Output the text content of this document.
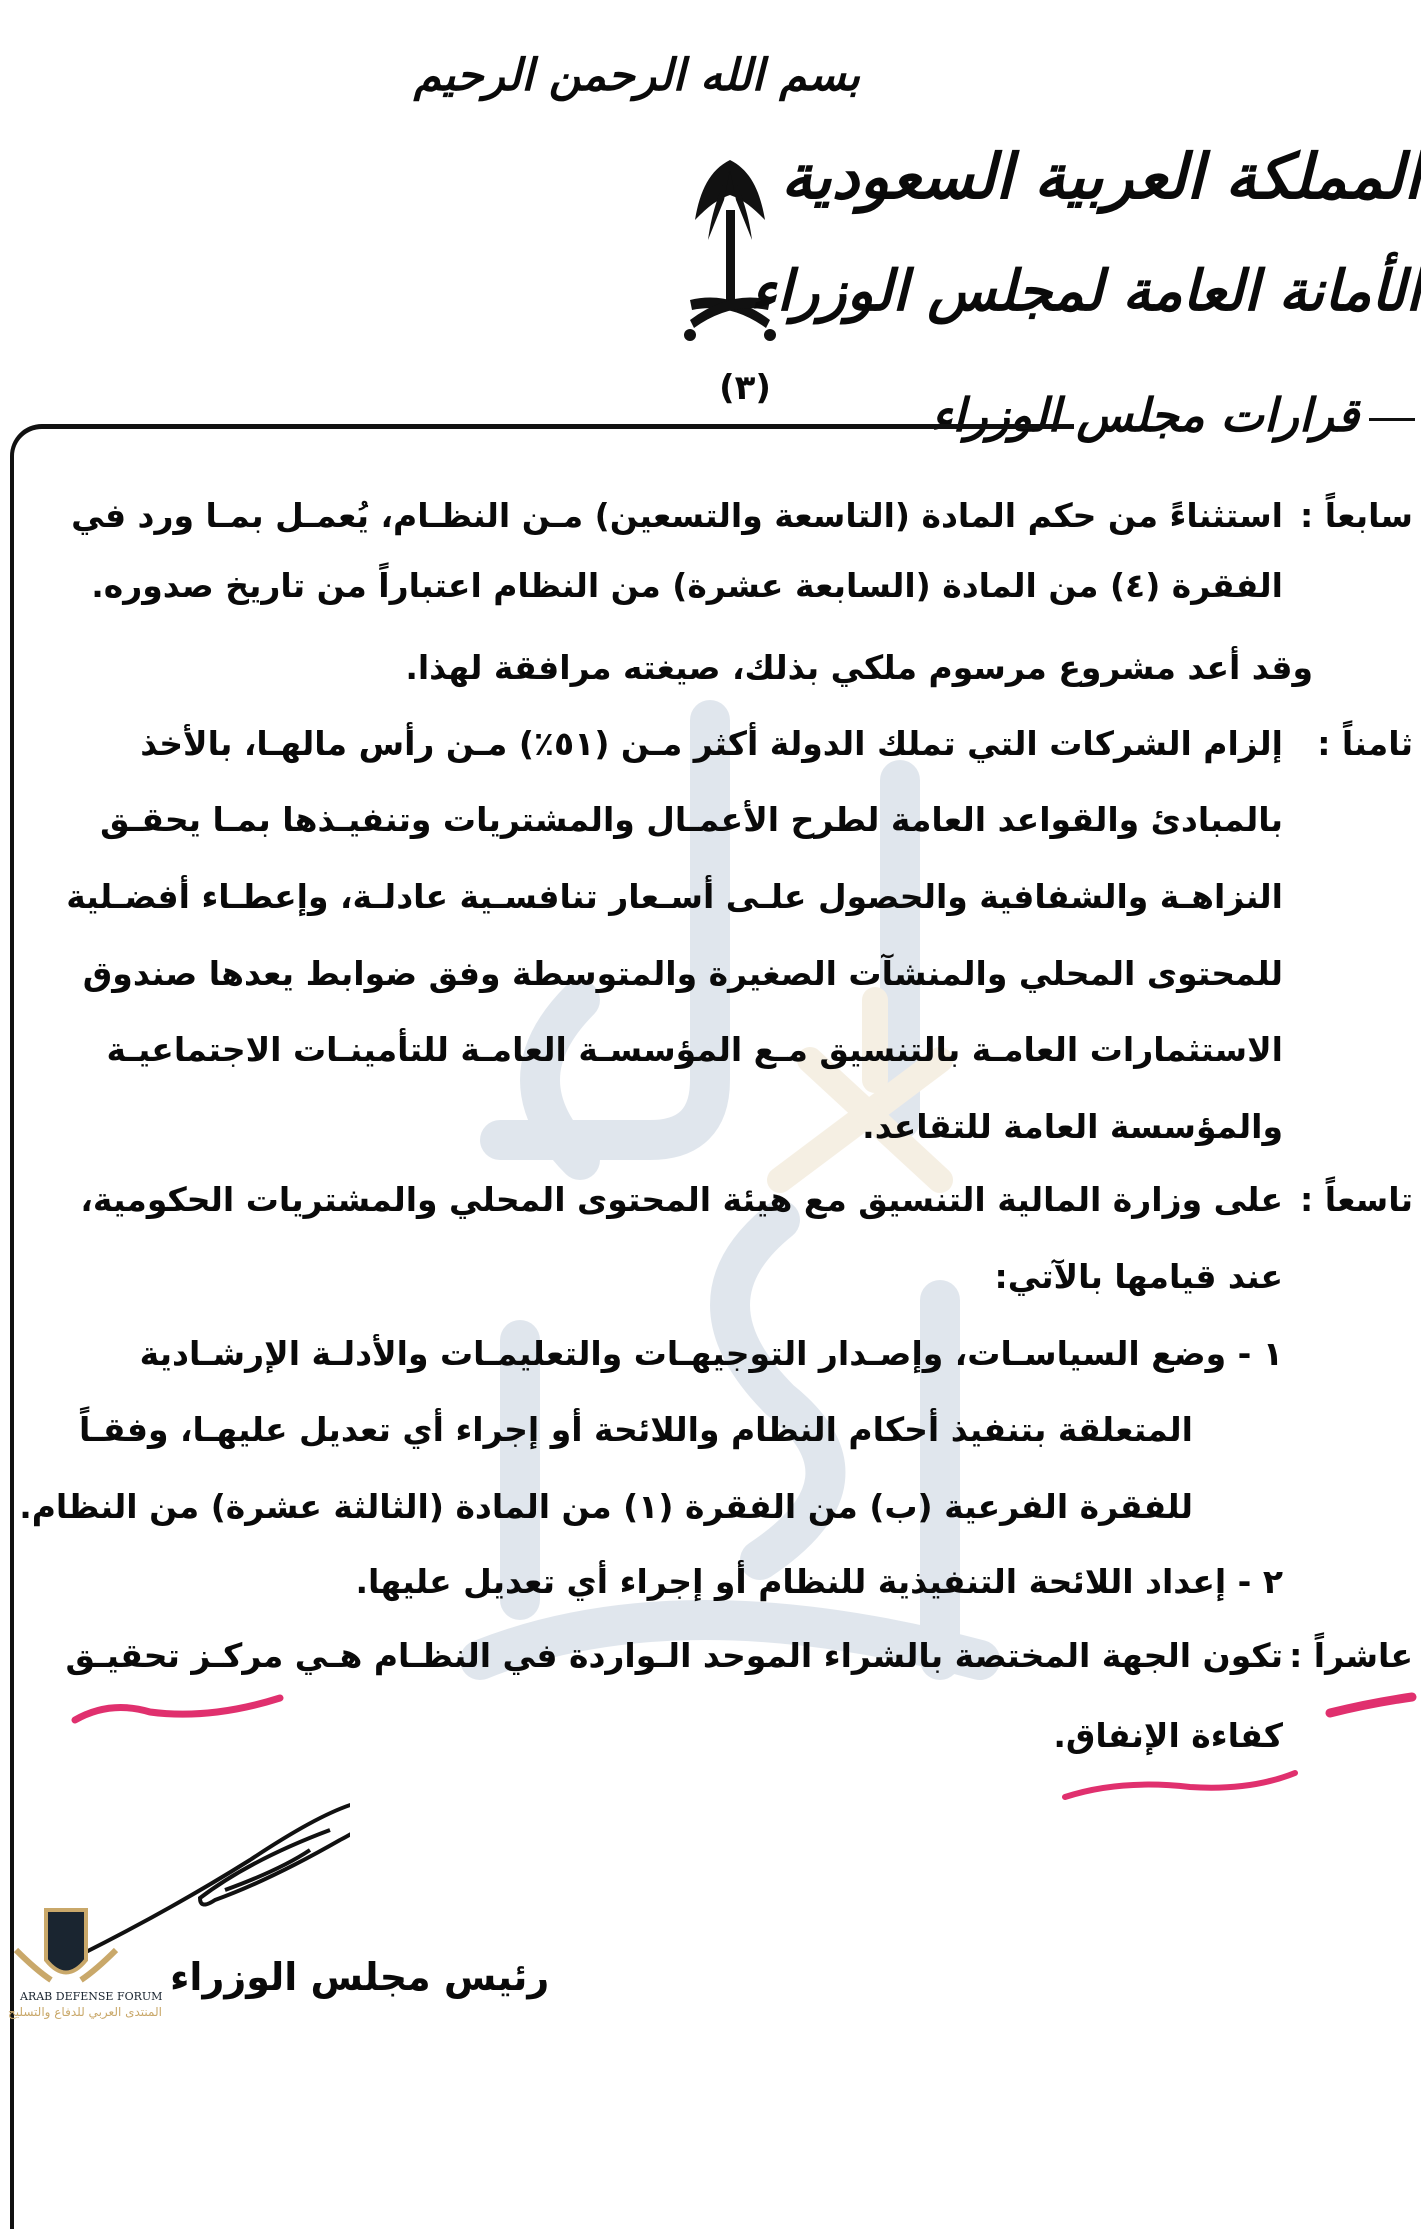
بسم الله الرحمن الرحيم
المملكة العربية السعودية
الأمانة العامة لمجلس الوزراء
(٣)	قرارات مجلس الوزراء
سابعاً :
استثناءً من حكم المادة (التاسعة والتسعين) مـن النظـام، يُعمـل بمـا ورد في
الفقرة (٤) من المادة (السابعة عشرة) من النظام اعتباراً من تاريخ صدوره.
وقد أعد مشروع مرسوم ملكي بذلك، صيغته مرافقة لهذا.
ثامناً :
إلزام الشركات التي تملك الدولة أكثر مـن (٥١٪) مـن رأس مالهـا، بالأخذ
بالمبادئ والقواعد العامة لطرح الأعمـال والمشتريات وتنفيـذها بمـا يحقـق
النزاهـة والشفافية والحصول علـى أسـعار تنافسـية عادلـة، وإعطـاء أفضـلية
للمحتوى المحلي والمنشآت الصغيرة والمتوسطة وفق ضوابط يعدها صندوق
الاستثمارات العامـة بالتنسيق مـع المؤسسـة العامـة للتأمينـات الاجتماعيـة
والمؤسسة العامة للتقاعد.
تاسعاً :
على وزارة المالية التنسيق مع هيئة المحتوى المحلي والمشتريات الحكومية،
عند قيامها بالآتي:
١ - وضع السياسـات، وإصـدار التوجيهـات والتعليمـات والأدلـة الإرشـادية
المتعلقة بتنفيذ أحكام النظام واللائحة أو إجراء أي تعديل عليهـا، وفقـاً
للفقرة الفرعية (ب) من الفقرة (١) من المادة (الثالثة عشرة) من النظام.
٢ - إعداد اللائحة التنفيذية للنظام أو إجراء أي تعديل عليها.
عاشراً :
تكون الجهة المختصة بالشراء الموحد الـواردة في النظـام هـي مركـز تحقيـق
كفاءة الإنفاق.
رئيس مجلس الوزراء
ARAB DEFENSE FORUM
المنتدى العربي للدفاع والتسليح
